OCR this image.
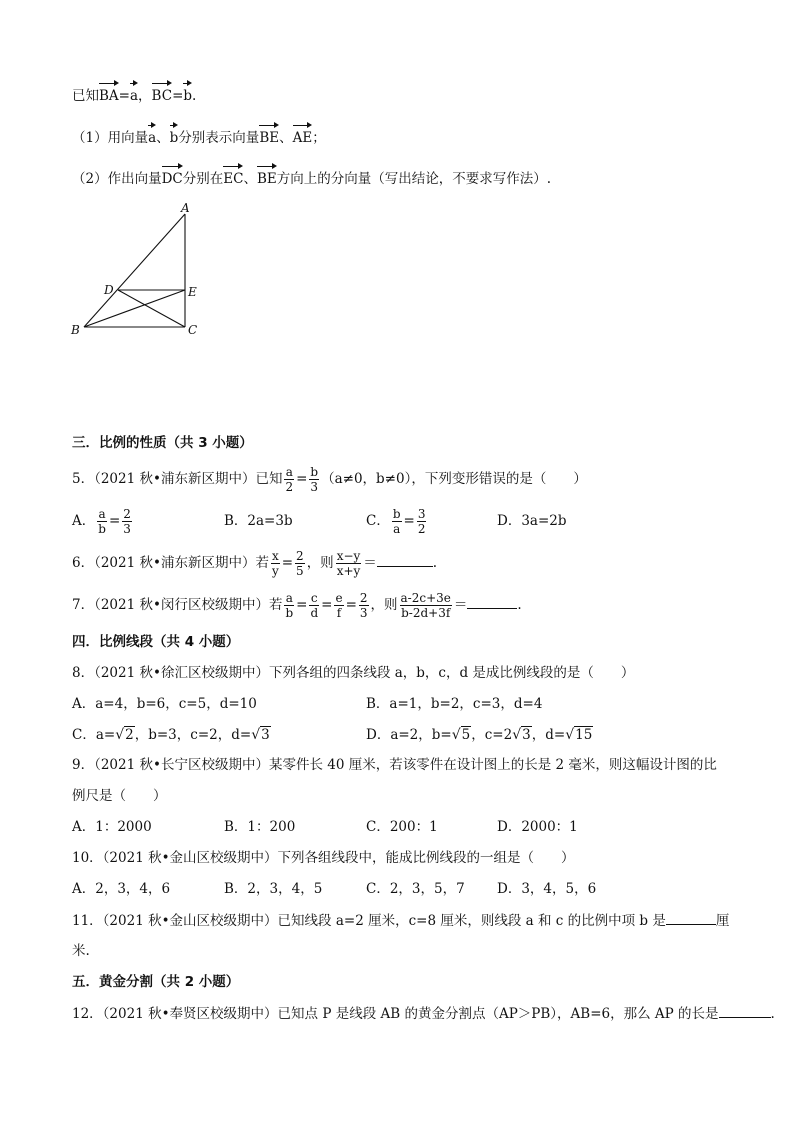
已知BA=a，BC=b.
（1）用向量a、b分别表示向量BE、AE；
（2）作出向量DC分别在EC、BE方向上的分向量（写出结论，不要求写作法）.
A
D	E
B	C
三．比例的性质（共 3 小题）
5．（2021 秋•浦东新区期中）已知 $\frac{a}{2} = \frac{b}{3} (a\ne 0$，b≠0），下列变形错误的是（　　）
A． $\frac{a}{b} = \frac{2}{3}$	B．2a=3b	C． $\frac{b}{a} = \frac{3}{2}$	D．3a=2b
6．（2021 秋•浦东新区期中）若 $\frac{x}{y} = \frac{2}{5}$ ，则 $\frac{x-y}{x+y}$ ＝	.
7．（2021 秋•闵行区校级期中）若 $\frac{a}{b} = \frac{c}{d} = \frac{e}{f} = \frac{2}{3}$ ，则 $\frac{a-2c+3e}{b-2d+3f}$ ＝	.
四．比例线段（共 4 小题）
8．（2021 秋•徐汇区校级期中）下列各组的四条线段 a，b，c，d 是成比例线段的是（　　）
A．a=4，b=6，c=5，d=10	B．a=1，b=2，c=3，d=4
C．a=√2，b=3，c=2，d=√3	D．a=2，b=√5，c=2√3，d=√15
9．（2021 秋•长宁区校级期中）某零件长 40 厘米，若该零件在设计图上的长是 2 毫米，则这幅设计图的比
例尺是（　　）
A．1：2000	B．1：200	C．200：1	D．2000：1
10．（2021 秋•金山区校级期中）下列各组线段中，能成比例线段的一组是（　　）
A．2，3，4，6	B．2，3，4，5	C．2，3，5，7 D．3，4，5，6
11．（2021 秋•金山区校级期中）已知线段 a=2 厘米，c=8 厘米，则线段 a 和 c 的比例中项 b 是	厘
米.
五．黄金分割（共 2 小题）
12．（2021 秋•奉贤区校级期中）已知点 P 是线段 AB 的黄金分割点（AP＞PB），AB=6，那么 AP 的长是	.
